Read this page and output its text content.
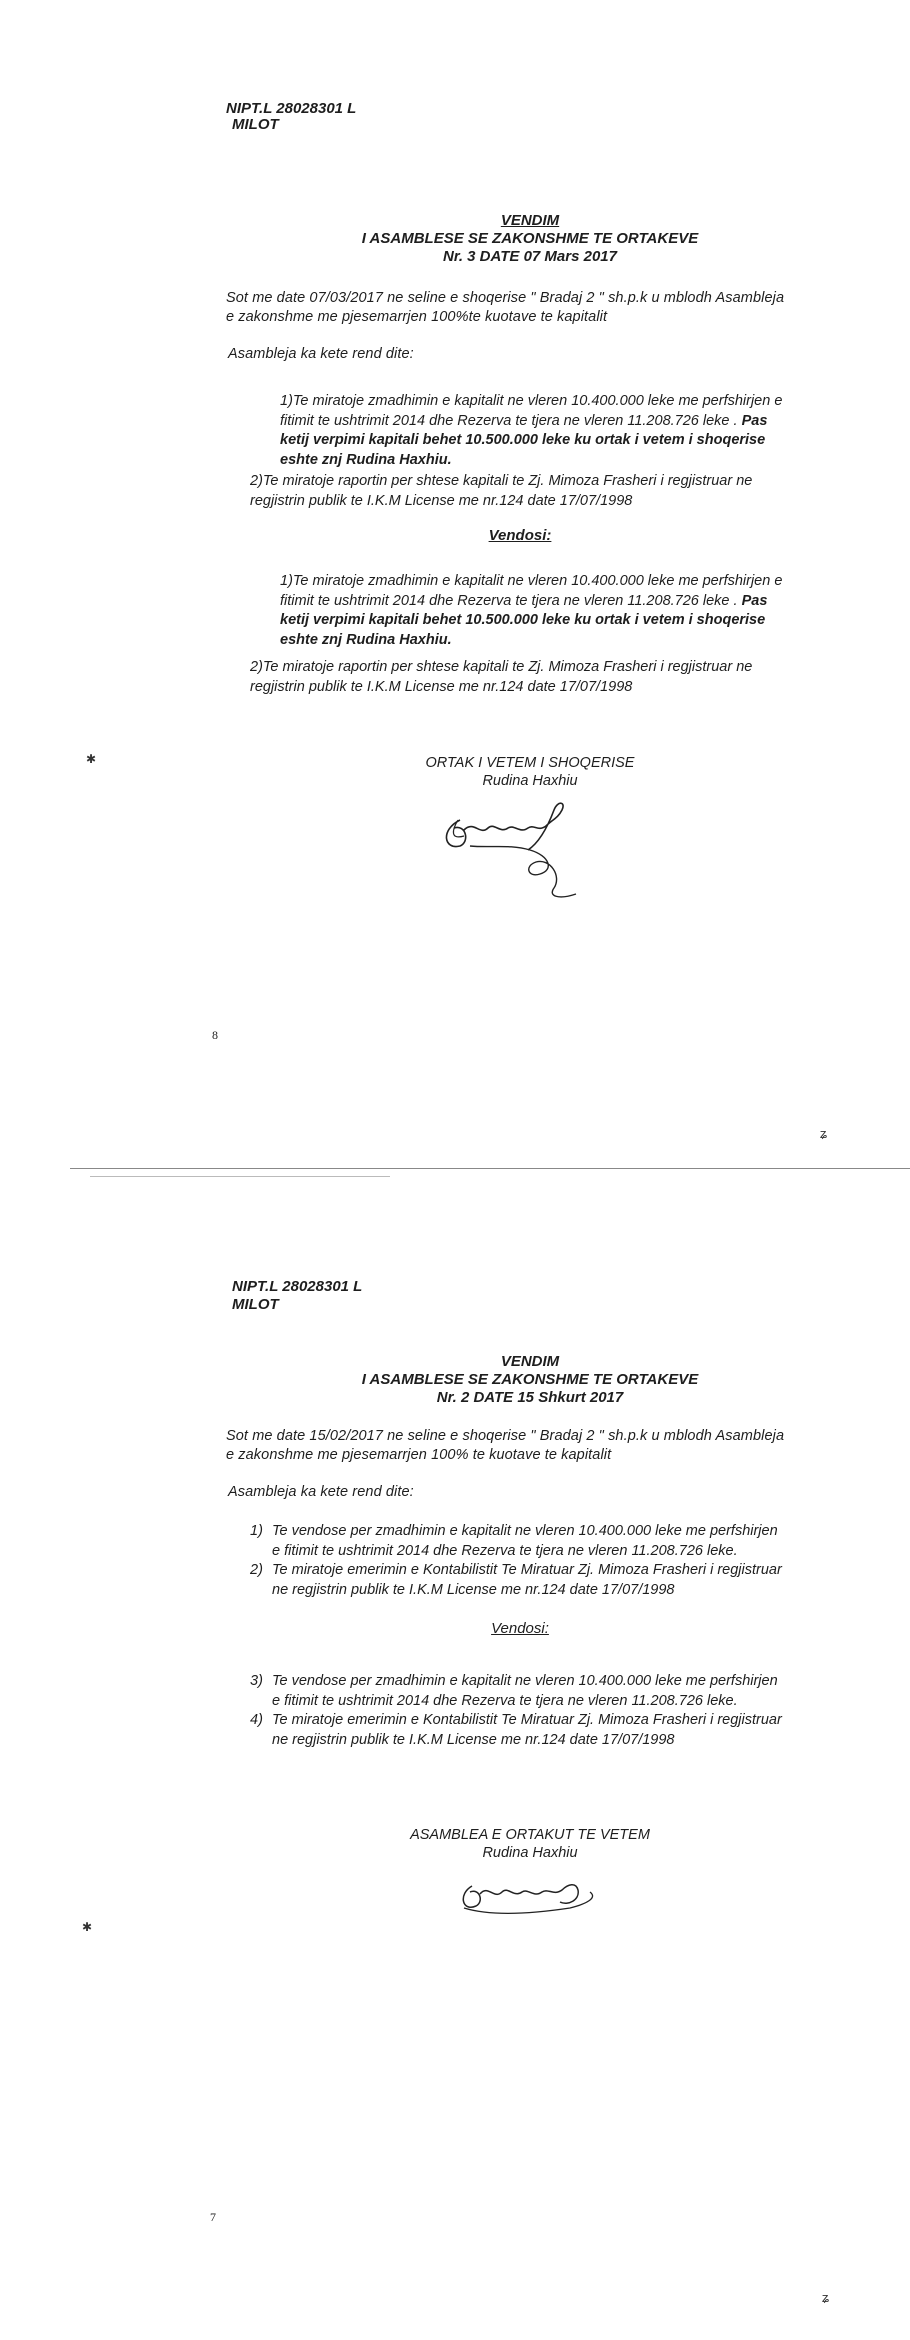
NIPT.L 28028301 L
MILOT
VENDIM
I ASAMBLESE SE ZAKONSHME TE ORTAKEVE
Nr. 3 DATE 07 Mars 2017
Sot me date 07/03/2017 ne seline e shoqerise " Bradaj 2 " sh.p.k u mblodh Asambleja
e zakonshme me pjesemarrjen 100%te kuotave te kapitalit
Asambleja ka kete rend dite:
1)Te miratoje zmadhimin e kapitalit ne vleren 10.400.000 leke me perfshirjen e
fitimit te ushtrimit 2014 dhe Rezerva te tjera ne vleren 11.208.726 leke . Pas
ketij verpimi kapitali behet 10.500.000 leke ku ortak i vetem i shoqerise
eshte znj Rudina Haxhiu.
2)Te miratoje raportin per shtese kapitali te Zj. Mimoza Frasheri i regjistruar ne
regjistrin publik te I.K.M License me nr.124 date 17/07/1998
Vendosi:
1)Te miratoje zmadhimin e kapitalit ne vleren 10.400.000 leke me perfshirjen e
fitimit te ushtrimit 2014 dhe Rezerva te tjera ne vleren 11.208.726 leke . Pas
ketij verpimi kapitali behet 10.500.000 leke ku ortak i vetem i shoqerise
eshte znj Rudina Haxhiu.
2)Te miratoje raportin per shtese kapitali te Zj. Mimoza Frasheri i regjistruar ne
regjistrin publik te I.K.M License me nr.124 date 17/07/1998
ORTAK I VETEM I SHOQERISE
Rudina Haxhiu
8
✱
ʑ
NIPT.L 28028301 L
MILOT
VENDIM
I ASAMBLESE SE ZAKONSHME TE ORTAKEVE
Nr. 2 DATE 15 Shkurt 2017
Sot me date 15/02/2017 ne seline e shoqerise " Bradaj 2 " sh.p.k u mblodh Asambleja
e zakonshme me pjesemarrjen 100% te kuotave te kapitalit
Asambleja ka kete rend dite:
1) Te vendose per zmadhimin e kapitalit ne vleren 10.400.000 leke me perfshirjen
e fitimit te ushtrimit 2014 dhe Rezerva te tjera ne vleren 11.208.726 leke.
2) Te miratoje emerimin e Kontabilistit Te Miratuar Zj. Mimoza Frasheri i regjistruar
ne regjistrin publik te I.K.M License me nr.124 date 17/07/1998
Vendosi:
3) Te vendose per zmadhimin e kapitalit ne vleren 10.400.000 leke me perfshirjen
e fitimit te ushtrimit 2014 dhe Rezerva te tjera ne vleren 11.208.726 leke.
4) Te miratoje emerimin e Kontabilistit Te Miratuar Zj. Mimoza Frasheri i regjistruar
ne regjistrin publik te I.K.M License me nr.124 date 17/07/1998
ASAMBLEA E ORTAKUT TE VETEM
Rudina Haxhiu
7
✱
ʑ
